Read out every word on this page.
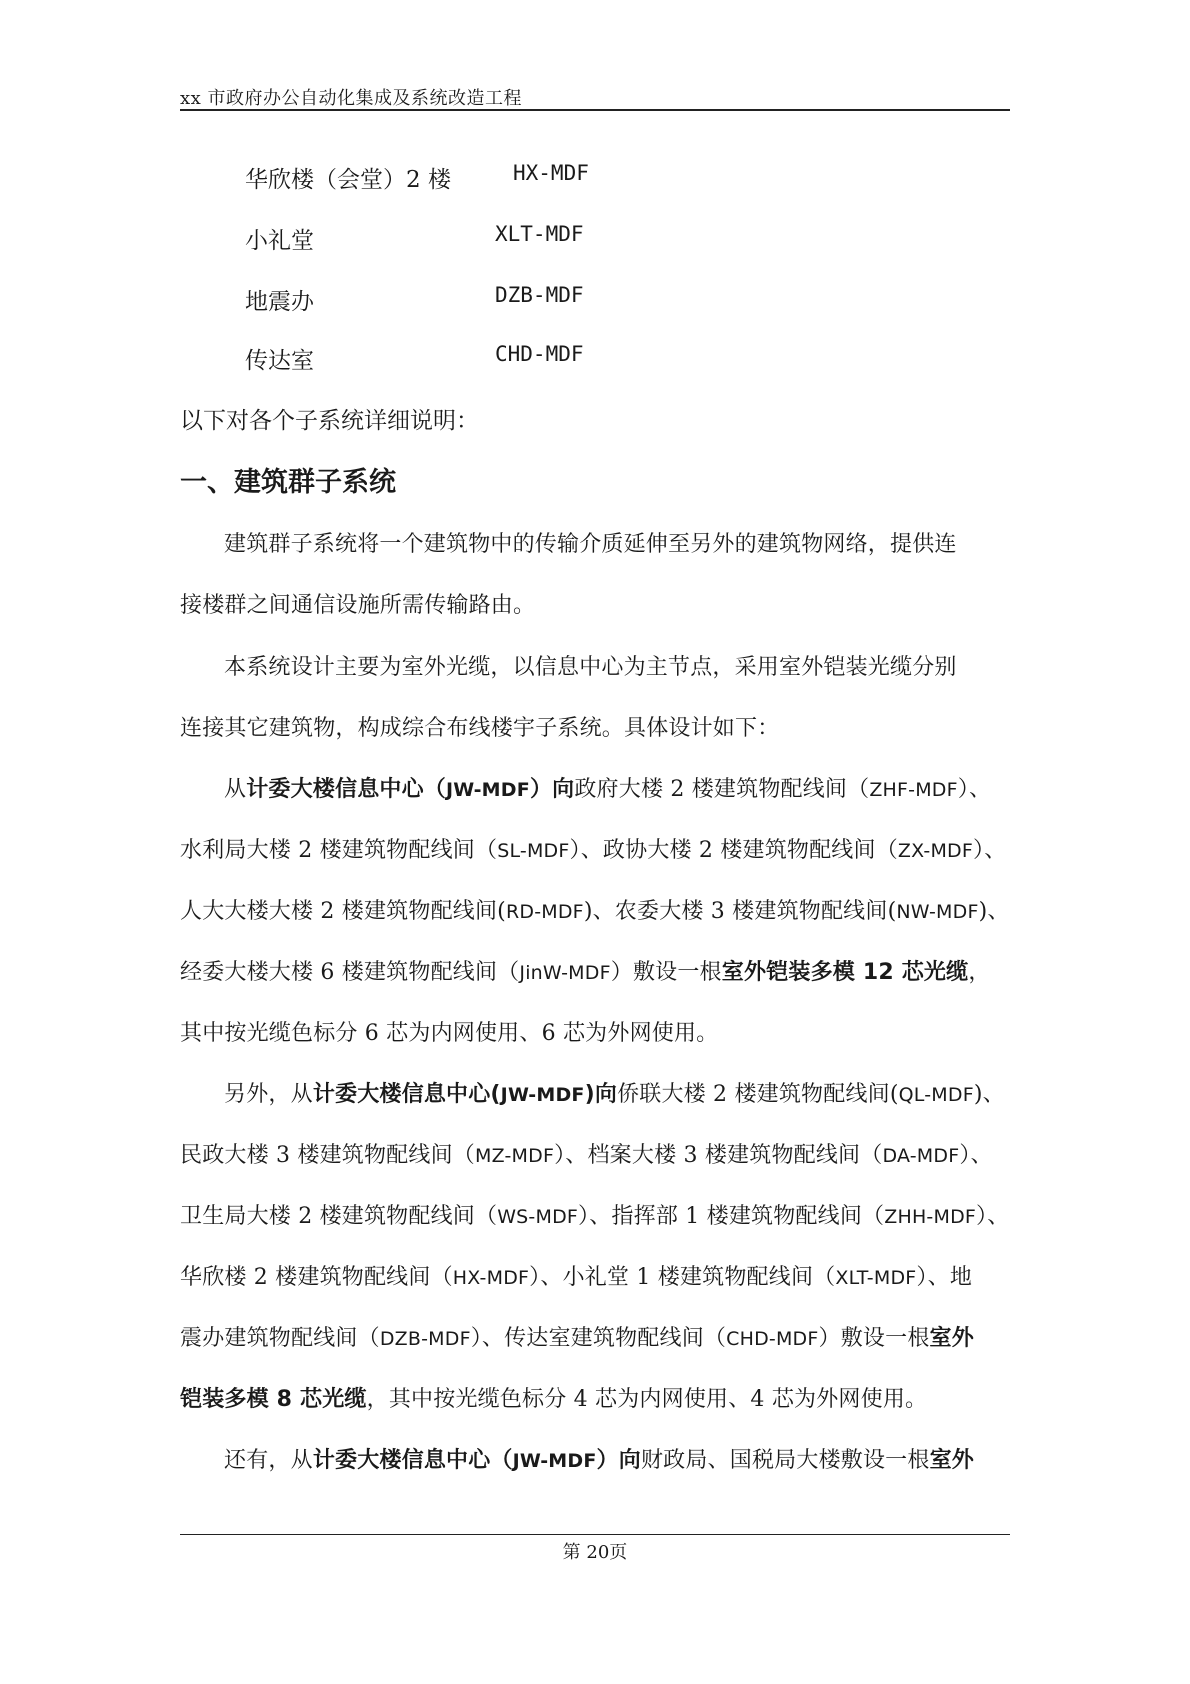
xx 市政府办公自动化集成及系统改造工程
华欣楼（会堂）2 楼	HX-MDF
小礼堂	XLT-MDF
地震办	DZB-MDF
传达室	CHD-MDF
以下对各个子系统详细说明：
一、建筑群子系统
建筑群子系统将一个建筑物中的传输介质延伸至另外的建筑物网络，提供连
接楼群之间通信设施所需传输路由。
本系统设计主要为室外光缆，以信息中心为主节点，采用室外铠装光缆分别
连接其它建筑物，构成综合布线楼宇子系统。具体设计如下：
从计委大楼信息中心（JW-MDF）向政府大楼 2 楼建筑物配线间（ZHF-MDF）、
水利局大楼 2 楼建筑物配线间（SL-MDF）、政协大楼 2 楼建筑物配线间（ZX-MDF）、
人大大楼大楼 2 楼建筑物配线间(RD-MDF)、农委大楼 3 楼建筑物配线间(NW-MDF)、
经委大楼大楼 6 楼建筑物配线间（JinW-MDF）敷设一根室外铠装多模 12 芯光缆，
其中按光缆色标分 6 芯为内网使用、6 芯为外网使用。
另外，从计委大楼信息中心(JW-MDF)向侨联大楼 2 楼建筑物配线间(QL-MDF)、
民政大楼 3 楼建筑物配线间（MZ-MDF）、档案大楼 3 楼建筑物配线间（DA-MDF）、
卫生局大楼 2 楼建筑物配线间（WS-MDF）、指挥部 1 楼建筑物配线间（ZHH-MDF）、
华欣楼 2 楼建筑物配线间（HX-MDF）、小礼堂 1 楼建筑物配线间（XLT-MDF）、地
震办建筑物配线间（DZB-MDF）、传达室建筑物配线间（CHD-MDF）敷设一根室外
铠装多模 8 芯光缆，其中按光缆色标分 4 芯为内网使用、4 芯为外网使用。
还有，从计委大楼信息中心（JW-MDF）向财政局、国税局大楼敷设一根室外
第 20页
